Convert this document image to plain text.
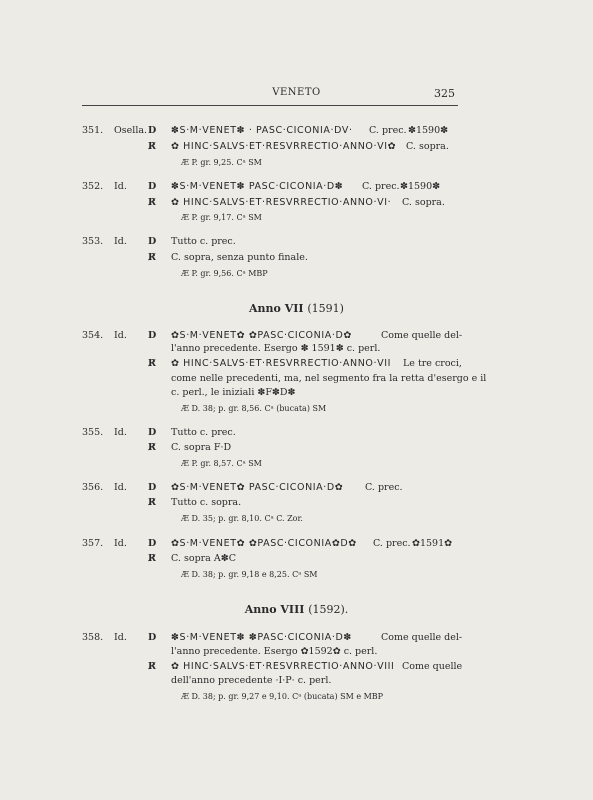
VENETO	325
351. Osella. D ✽S·M·VENET✽ · PASC·CICONIA·DV· C. prec. ✽1590✽
R̸ ✿ HINC·SALVS·ET·RESVRRECTIO·ANNO·VI✿ C. sopra.
Æ P. gr. 9,25. Cᵃ SM
352. Id. D ✽S·M·VENET✽ PASC·CICONIA·D✽ C. prec. ✽1590✽
R̸ ✿ HINC·SALVS·ET·RESVRRECTIO·ANNO·VI· C. sopra.
Æ P. gr. 9,17. Cᵃ SM
353. Id. D Tutto c. prec.
R̸ C. sopra, senza punto finale.
Æ P. gr. 9,56. Cᵃ MBP
Anno VII (1591)
354. Id. D ✿S·M·VENET✿ ✿PASC·CICONIA·D✿	Come quelle del-
l'anno precedente. Esergo ✽ 1591✽ c. perl.
R̸ ✿ HINC·SALVS·ET·RESVRRECTIO·ANNO·VII Le tre croci,
come nelle precedenti, ma, nel segmento fra la retta d'esergo e il
c. perl., le iniziali ✽F✽D✽
Æ D. 38; p. gr. 8,56. Cᵃ (bucata) SM
355. Id. D Tutto c. prec.
R̸ C. sopra F·D
Æ P. gr. 8,57. Cᵃ SM
356. Id. D ✿S·M·VENET✿ PASC·CICONIA·D✿ C. prec.
R̸ Tutto c. sopra.
Æ D. 35; p. gr. 8,10. Cᵃ C. Zor.
357. Id. D ✿S·M·VENET✿ ✿PASC·CICONIA✿D✿ C. prec. ✿1591✿
R̸ C. sopra A✽C
Æ D. 38; p. gr. 9,18 e 8,25. Cᵃ SM
Anno VIII (1592).
358. Id. D ✽S·M·VENET✽ ✽PASC·CICONIA·D✽	Come quelle del-
l'anno precedente. Esergo ✿1592✿ c. perl.
R̸ ✿ HINC·SALVS·ET·RESVRRECTIO·ANNO·VIII Come quelle
dell'anno precedente ·I·P· c. perl.
Æ D. 38; p. gr. 9,27 e 9,10. Cᵃ (bucata) SM e MBP
